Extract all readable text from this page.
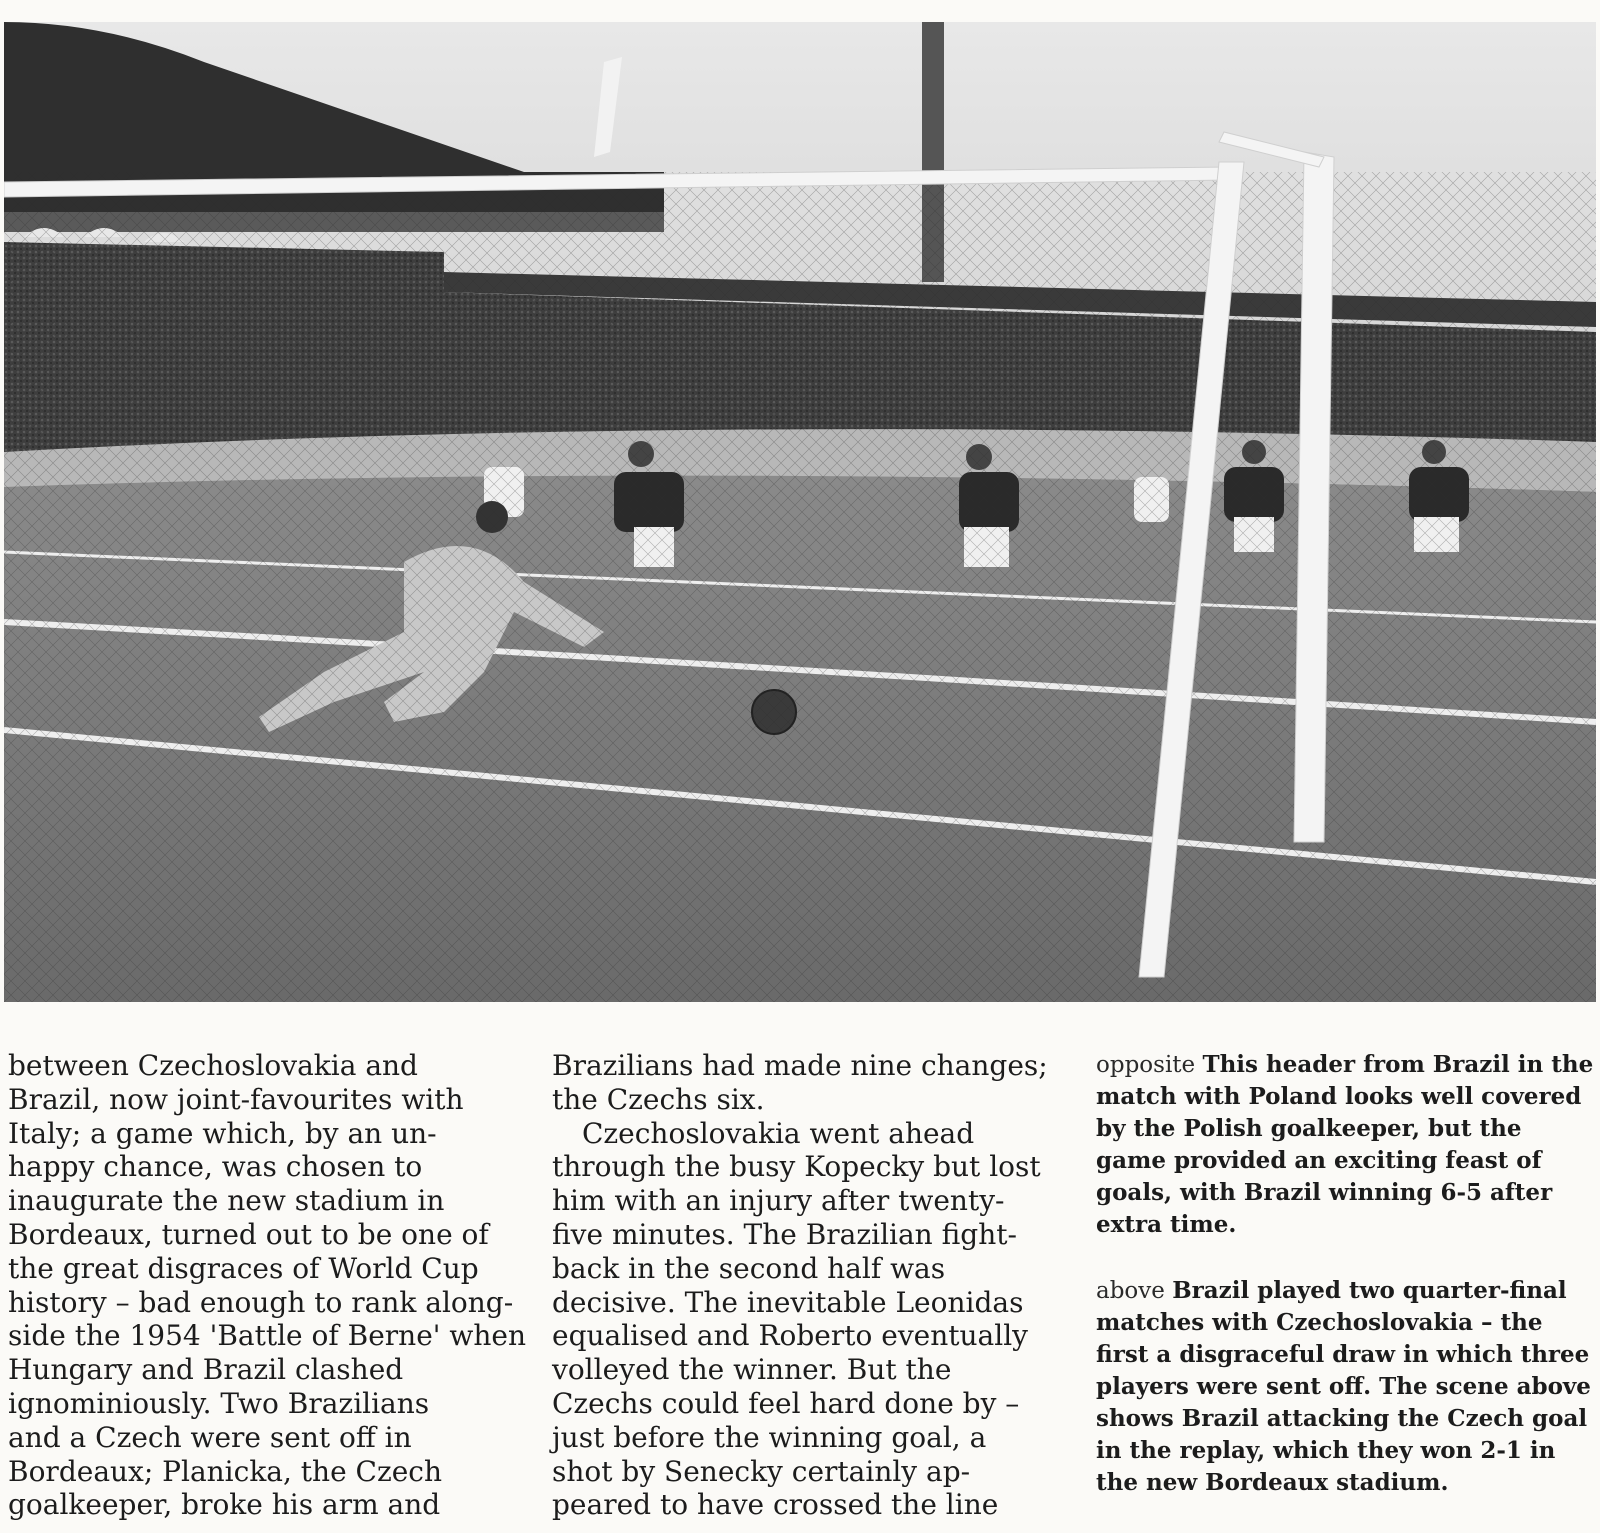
between Czechoslovakia and
Brazil, now joint-favourites with
Italy; a game which, by an un-
happy chance, was chosen to
inaugurate the new stadium in
Bordeaux, turned out to be one of
the great disgraces of World Cup
history – bad enough to rank along-
side the 1954 'Battle of Berne' when
Hungary and Brazil clashed
ignominiously. Two Brazilians
and a Czech were sent off in
Bordeaux; Planicka, the Czech
goalkeeper, broke his arm and
Brazilians had made nine changes;
the Czechs six.
Czechoslovakia went ahead
through the busy Kopecky but lost
him with an injury after twenty-
five minutes. The Brazilian fight-
back in the second half was
decisive. The inevitable Leonidas
equalised and Roberto eventually
volleyed the winner. But the
Czechs could feel hard done by –
just before the winning goal, a
shot by Senecky certainly ap-
peared to have crossed the line

opposite This header from Brazil in the match with Poland looks well covered by the Polish goalkeeper, but the game provided an exciting feast of goals, with Brazil winning 6-5 after extra time.

above Brazil played two quarter-final matches with Czechoslovakia – the first a disgraceful draw in which three players were sent off. The scene above shows Brazil attacking the Czech goal in the replay, which they won 2-1 in the new Bordeaux stadium.
